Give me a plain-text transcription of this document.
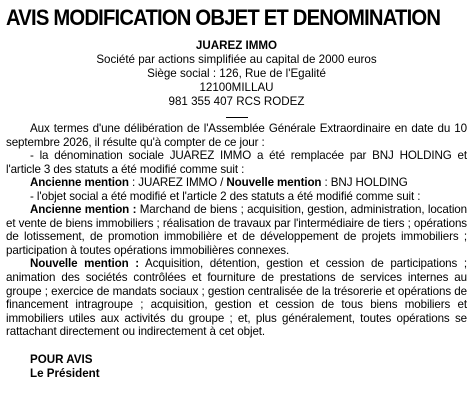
AVIS MODIFICATION OBJET ET DENOMINATION
JUAREZ IMMO
Société par actions simplifiée au capital de 2000 euros
Siège social : 126, Rue de l'Egalité
12100MILLAU
981 355 407 RCS RODEZ

Aux termes d'une délibération de l'Assemblée Générale Extraordinaire en date du 10 septembre 2026, il résulte qu'à compter de ce jour :

- la dénomination sociale JUAREZ IMMO a été remplacée par BNJ HOLDING et l'article 3 des statuts a été modifié comme suit :

Ancienne mention : JUAREZ IMMO / Nouvelle mention : BNJ HOLDING

- l'objet social a été modifié et l'article 2 des statuts a été modifié comme suit :

Ancienne mention : Marchand de biens ; acquisition, gestion, administration, location et vente de biens immobiliers ; réalisation de travaux par l'intermédiaire de tiers ; opérations de lotissement, de promotion immobilière et de développement de projets immobiliers ; participation à toutes opérations immobilières connexes.

Nouvelle mention : Acquisition, détention, gestion et cession de participations ; animation des sociétés contrôlées et fourniture de prestations de services internes au groupe ; exercice de mandats sociaux ; gestion centralisée de la trésorerie et opérations de financement intragroupe ; acquisition, gestion et cession de tous biens mobiliers et immobiliers utiles aux activités du groupe ; et, plus généralement, toutes opérations se rattachant directement ou indirectement à cet objet.

POUR AVIS
Le Président
